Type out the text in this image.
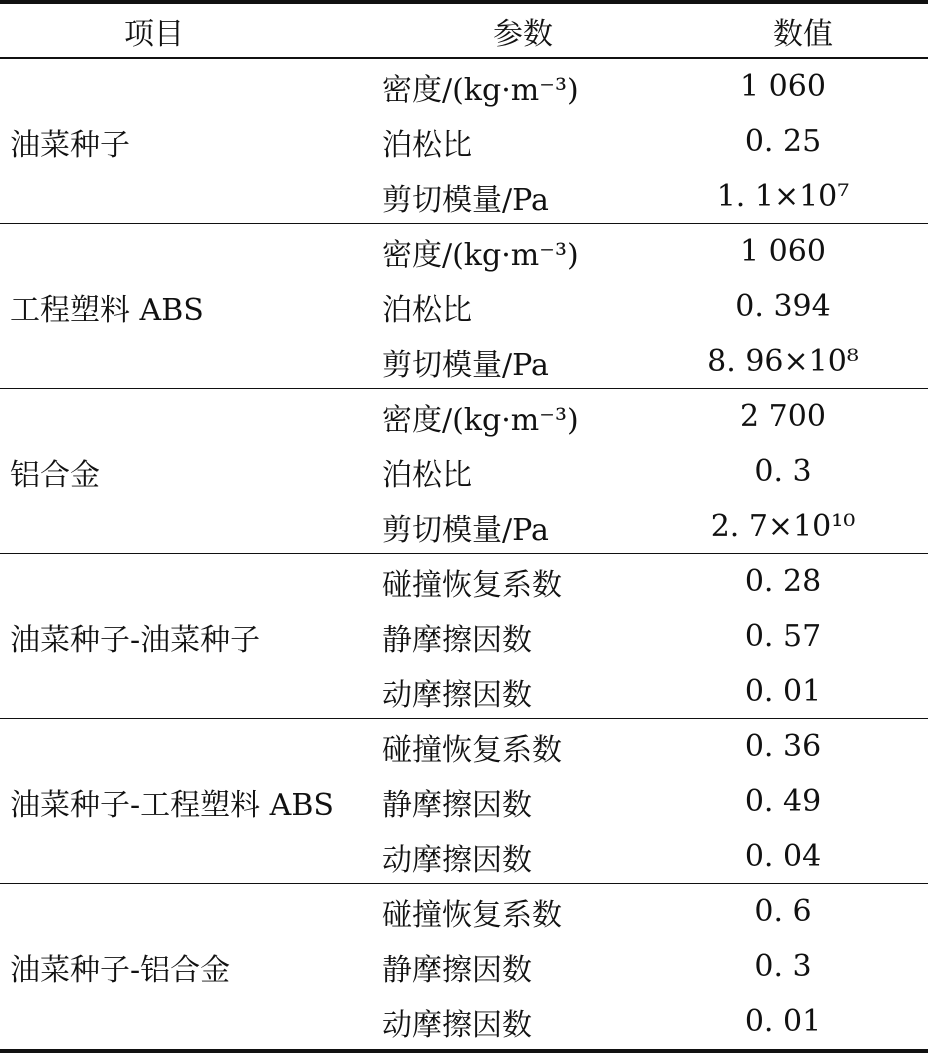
项目	参数	数值
油菜种子
密度/(kg·m⁻³)	1 060
泊松比	0. 25
剪切模量/Pa	1. 1×10⁷
工程塑料 ABS
密度/(kg·m⁻³)	1 060
泊松比	0. 394
剪切模量/Pa	8. 96×10⁸
铝合金
密度/(kg·m⁻³)	2 700
泊松比	0. 3
剪切模量/Pa	2. 7×10¹⁰
油菜种子-油菜种子
碰撞恢复系数	0. 28
静摩擦因数	0. 57
动摩擦因数	0. 01
油菜种子-工程塑料 ABS
碰撞恢复系数	0. 36
静摩擦因数	0. 49
动摩擦因数	0. 04
油菜种子-铝合金
碰撞恢复系数	0. 6
静摩擦因数	0. 3
动摩擦因数	0. 01
